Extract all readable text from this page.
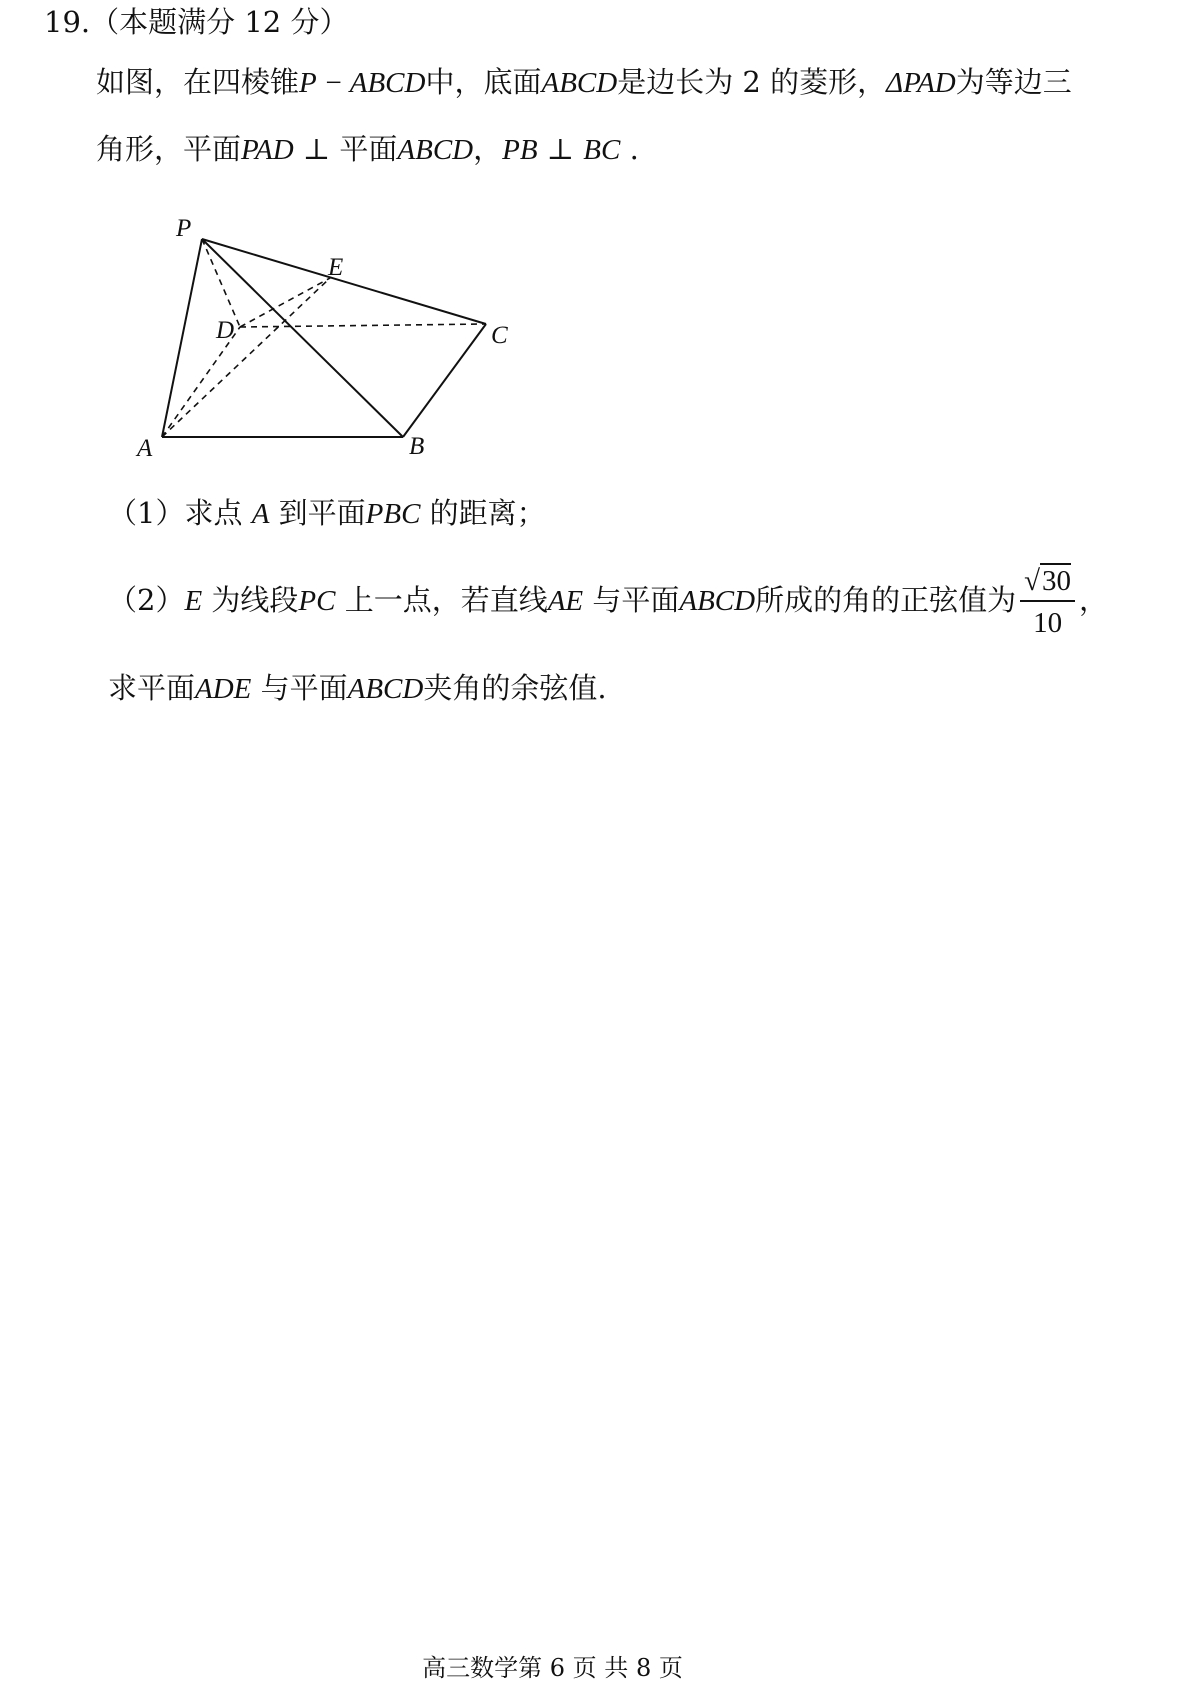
19.（本题满分 12 分）
如图，在四棱锥P − ABCD中，底面ABCD是边长为 2 的菱形，ΔPAD为等边三
角形，平面PAD ⊥ 平面ABCD，PB ⊥ BC .
P
E
D	C
A	B
（1）求点 A 到平面PBC 的距离；
（2）E 为线段PC 上一点，若直线AE 与平面ABCD所成的角的正弦值为 $\frac{√30}{10}$ ，
求平面ADE 与平面ABCD夹角的余弦值.
高三数学第 6 页 共 8 页
